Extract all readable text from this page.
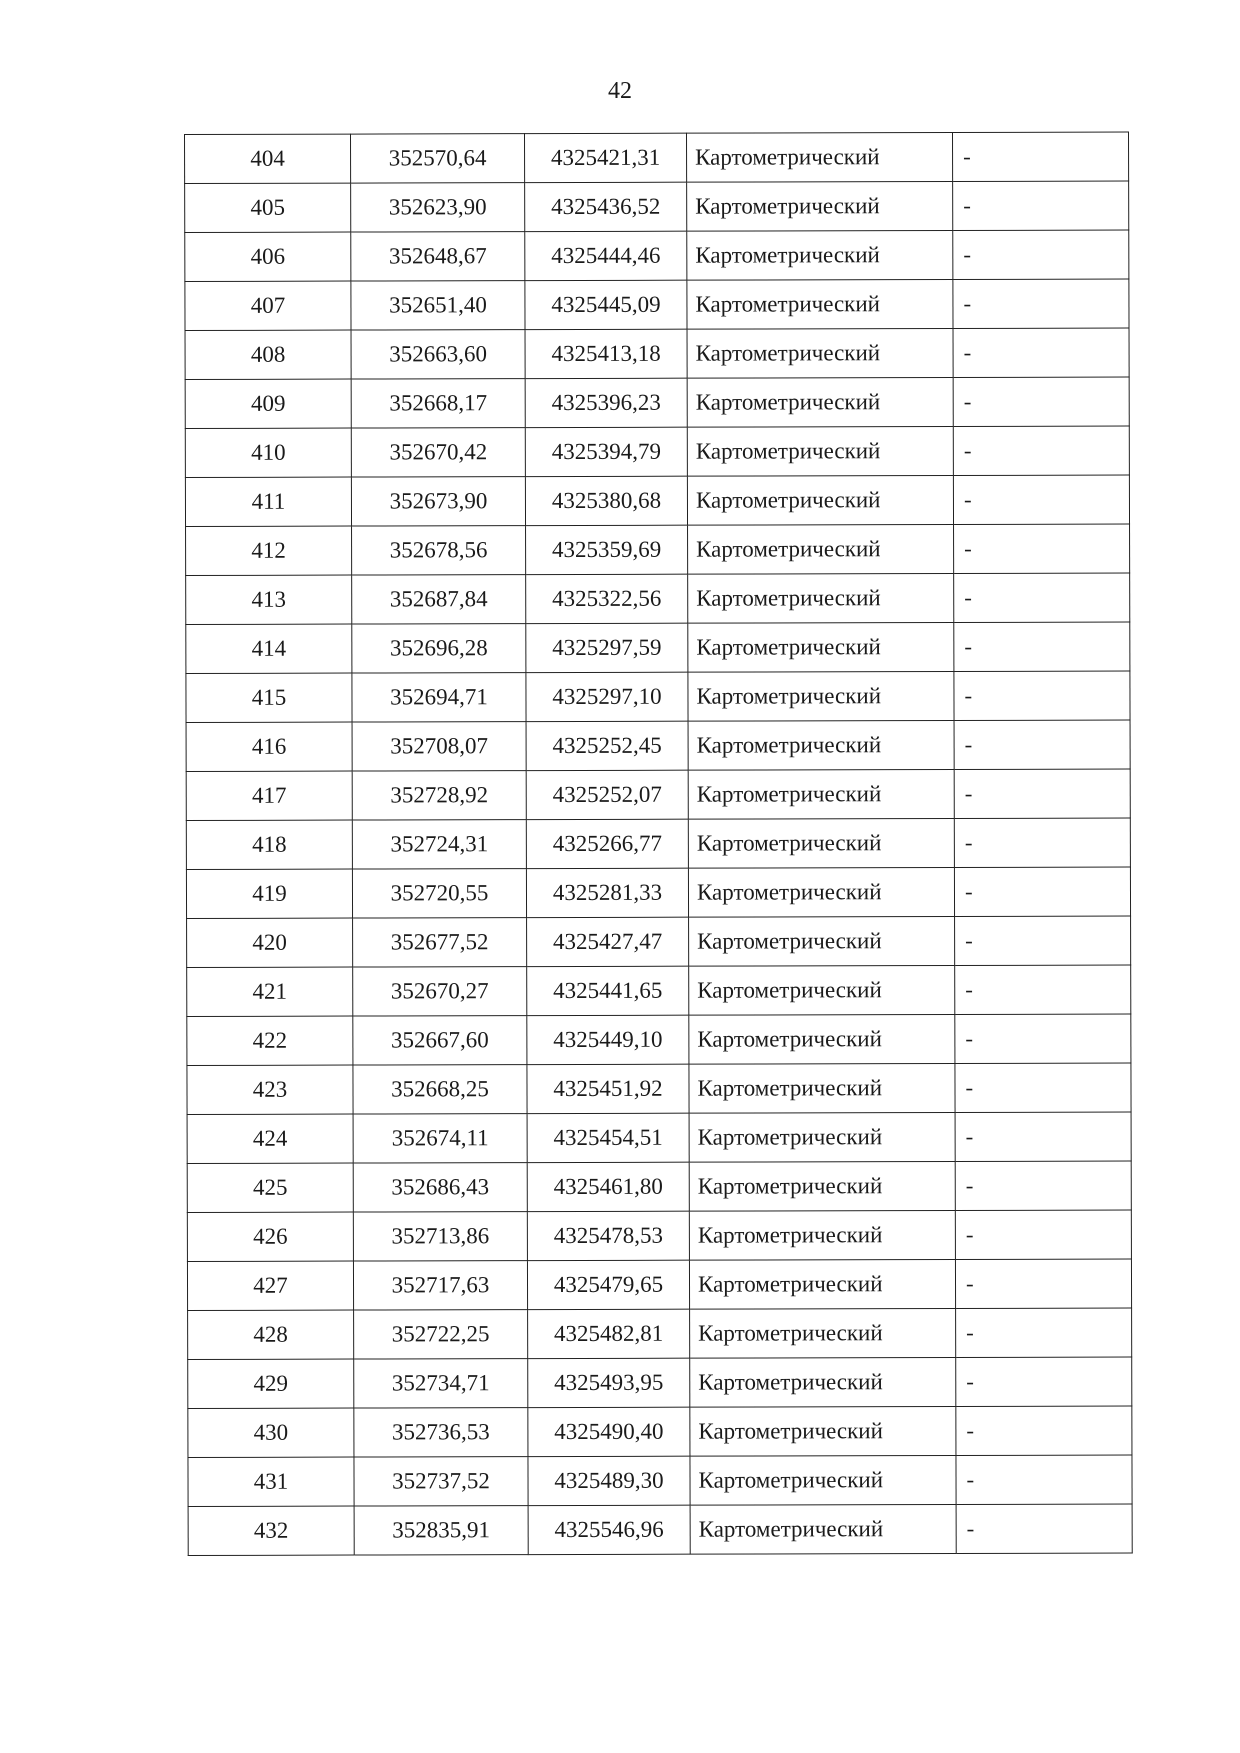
42
404	352570,64	4325421,31	Картометрический	-
405	352623,90	4325436,52	Картометрический	-
406	352648,67	4325444,46	Картометрический	-
407	352651,40	4325445,09	Картометрический	-
408	352663,60	4325413,18	Картометрический	-
409	352668,17	4325396,23	Картометрический	-
410	352670,42	4325394,79	Картометрический	-
411	352673,90	4325380,68	Картометрический	-
412	352678,56	4325359,69	Картометрический	-
413	352687,84	4325322,56	Картометрический	-
414	352696,28	4325297,59	Картометрический	-
415	352694,71	4325297,10	Картометрический	-
416	352708,07	4325252,45	Картометрический	-
417	352728,92	4325252,07	Картометрический	-
418	352724,31	4325266,77	Картометрический	-
419	352720,55	4325281,33	Картометрический	-
420	352677,52	4325427,47	Картометрический	-
421	352670,27	4325441,65	Картометрический	-
422	352667,60	4325449,10	Картометрический	-
423	352668,25	4325451,92	Картометрический	-
424	352674,11	4325454,51	Картометрический	-
425	352686,43	4325461,80	Картометрический	-
426	352713,86	4325478,53	Картометрический	-
427	352717,63	4325479,65	Картометрический	-
428	352722,25	4325482,81	Картометрический	-
429	352734,71	4325493,95	Картометрический	-
430	352736,53	4325490,40	Картометрический	-
431	352737,52	4325489,30	Картометрический	-
432	352835,91	4325546,96	Картометрический	-
